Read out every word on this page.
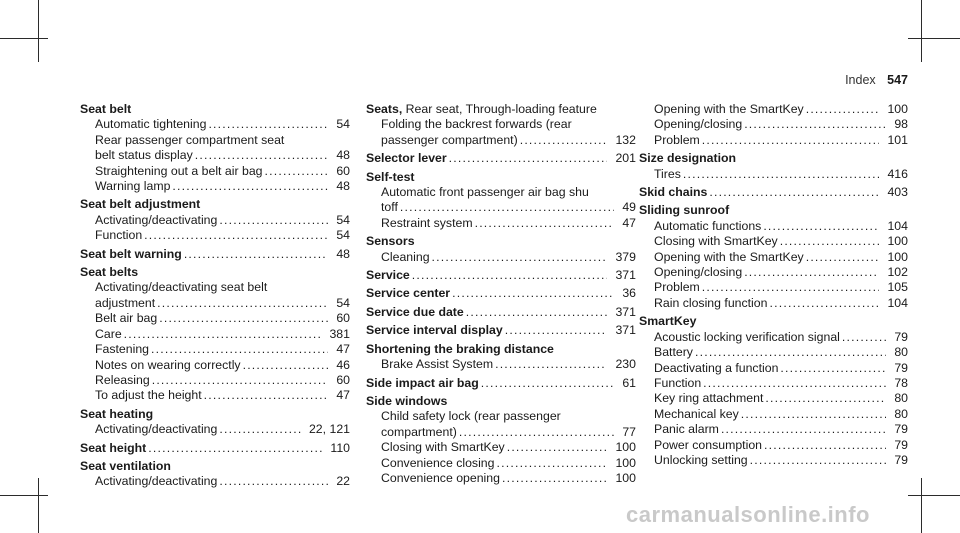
Index 547
Seat belt
Automatic tightening .....	54
Rear passenger compartment seat
belt status display .....	48
Straightening out a belt air bag .....	60
Warning lamp .....	48
Seat belt adjustment
Activating/deactivating .....	54
Function .....	54
Seat belt warning .....	48
Seat belts
Activating/deactivating seat belt
adjustment .....	54
Belt air bag .....	60
Care .....	381
Fastening .....	47
Notes on wearing correctly .....	46
Releasing .....	60
To adjust the height .....	47
Seat heating
Activating/deactivating .....	22, 121
Seat height .....	110
Seat ventilation
Activating/deactivating .....	22
Seats, Rear seat, Through-loading feature
Folding the backrest forwards (rear
passenger compartment) .....	132
Selector lever .....	201
Self-test
Automatic front passenger air bag shu
toff .....	49
Restraint system .....	47
Sensors
Cleaning .....	379
Service .....	371
Service center .....	36
Service due date .....	371
Service interval display .....	371
Shortening the braking distance
Brake Assist System .....	230
Side impact air bag .....	61
Side windows
Child safety lock (rear passenger
compartment) .....	77
Closing with SmartKey .....	100
Convenience closing .....	100
Convenience opening .....	100
Opening with the SmartKey .....	100
Opening/closing .....	98
Problem .....	101
Size designation
Tires .....	416
Skid chains .....	403
Sliding sunroof
Automatic functions .....	104
Closing with SmartKey .....	100
Opening with the SmartKey .....	100
Opening/closing .....	102
Problem .....	105
Rain closing function .....	104
SmartKey
Acoustic locking verification signal .....	79
Battery .....	80
Deactivating a function .....	79
Function .....	78
Key ring attachment .....	80
Mechanical key .....	80
Panic alarm .....	79
Power consumption .....	79
Unlocking setting .....	79
carmanualsonline.info
